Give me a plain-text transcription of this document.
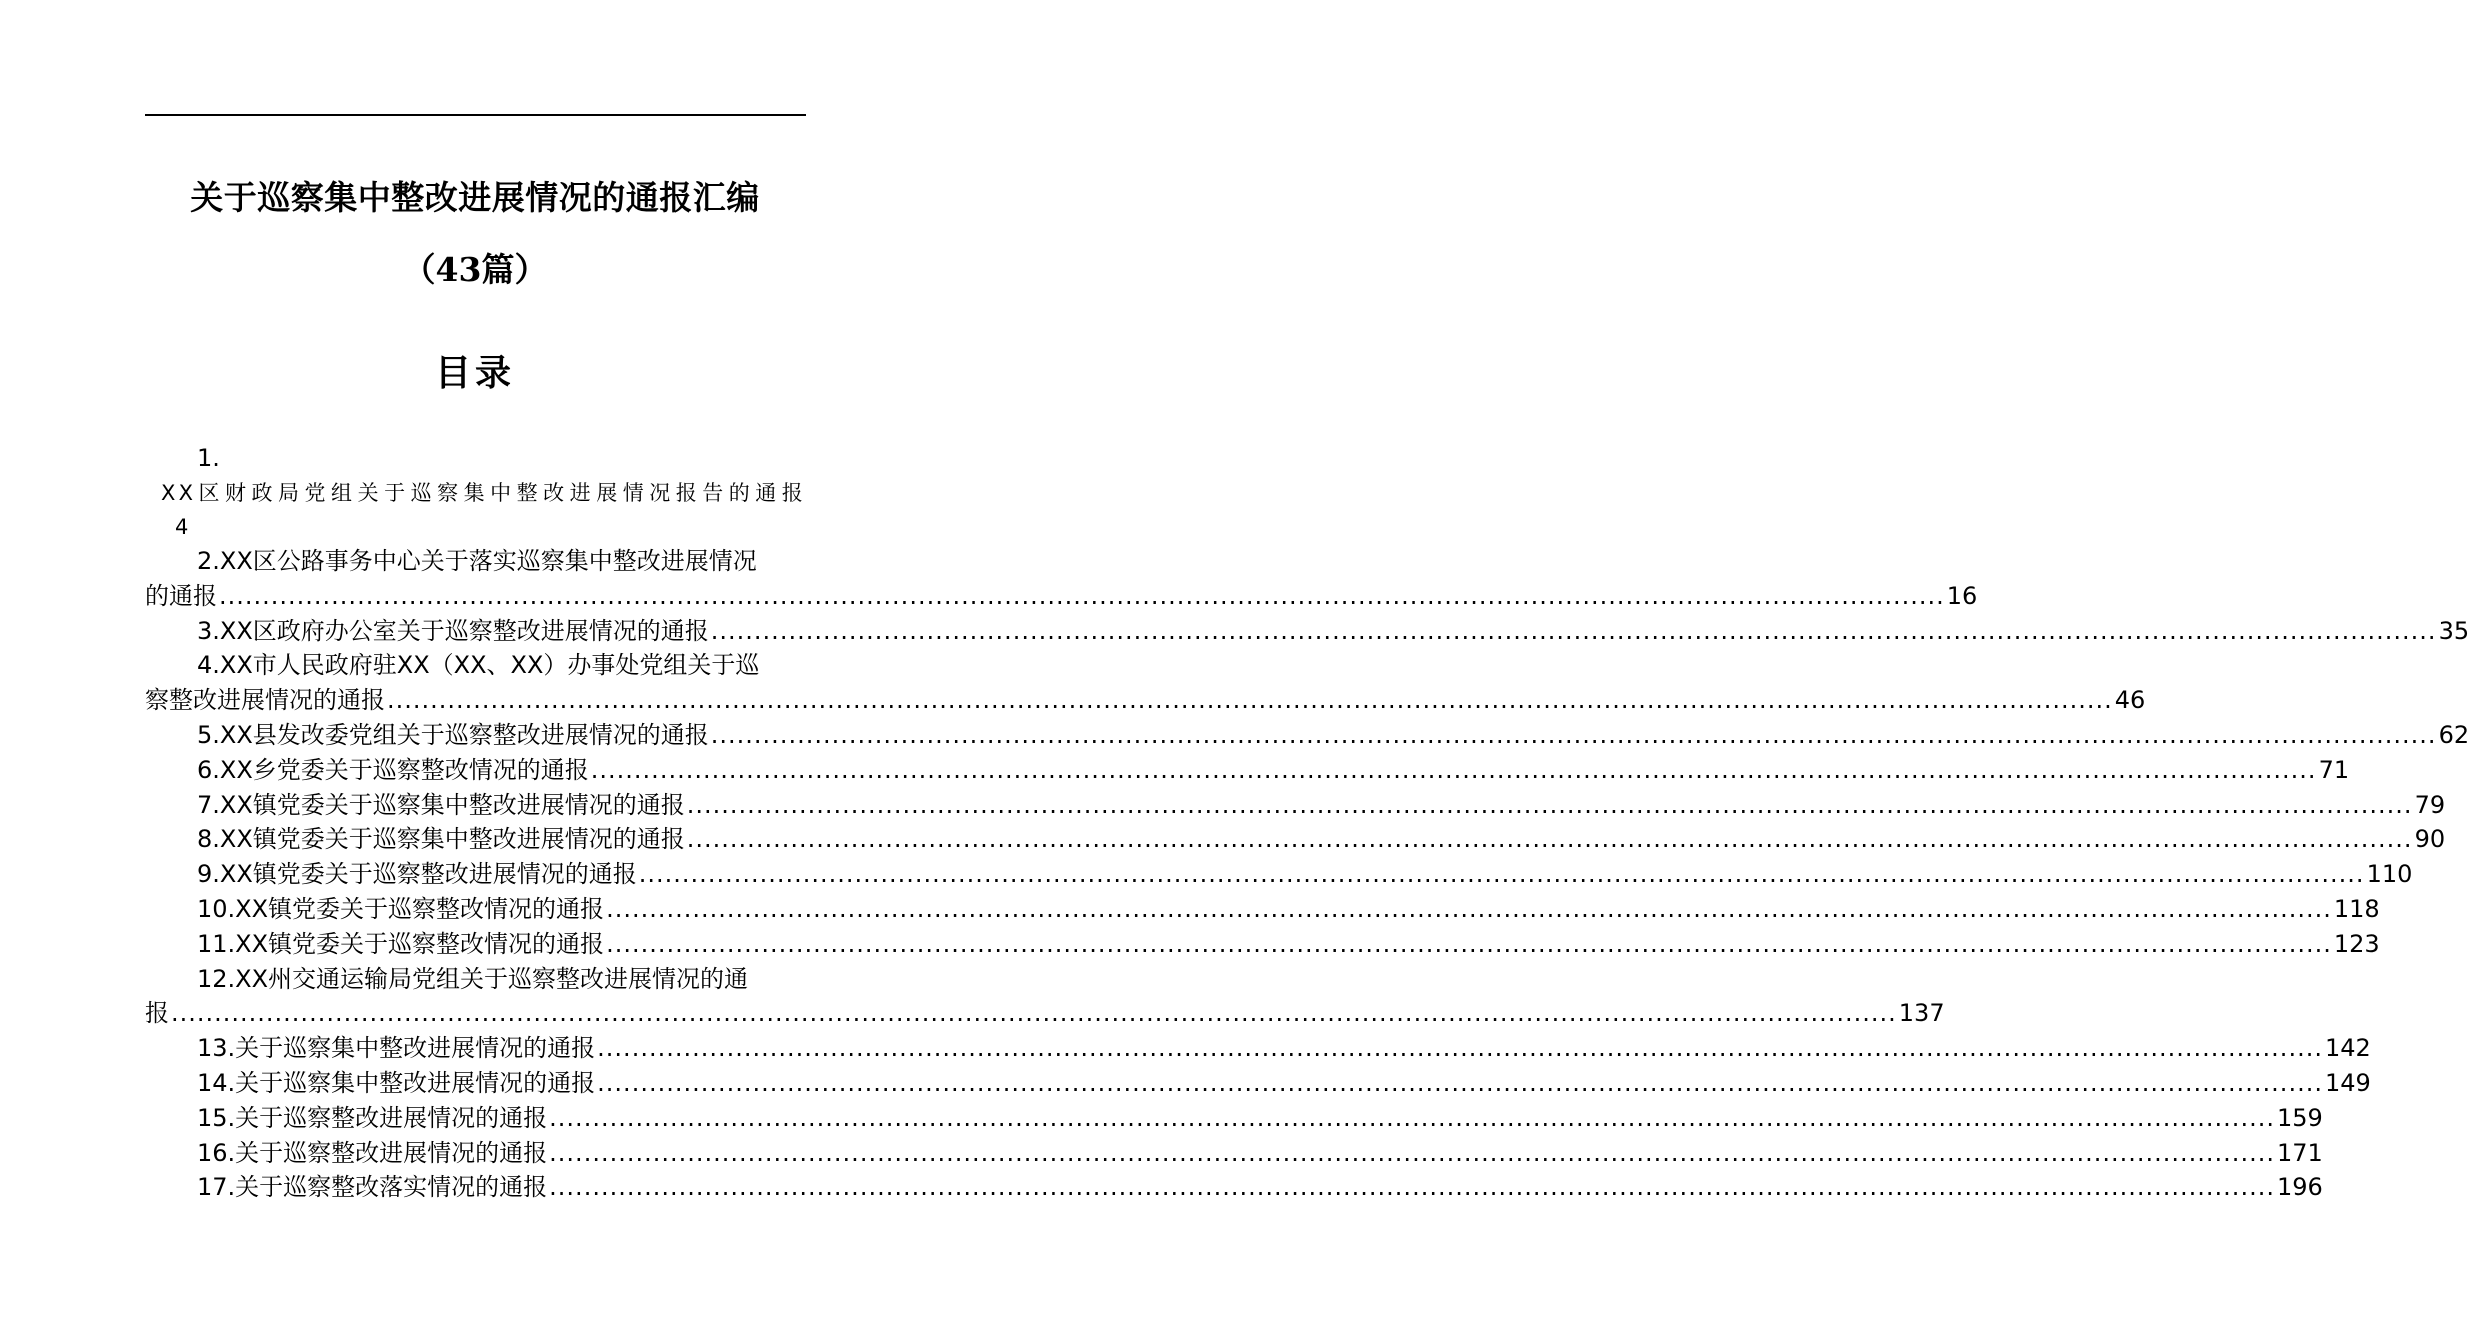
关于巡察集中整改进展情况的通报汇编
（43篇）
目录
1.
XX区财政局党组关于巡察集中整改进展情况报告的通报
4
2.XX区公路事务中心关于落实巡察集中整改进展情况
的通报 ........................................................................................................................................................................................................ 16
3.XX区政府办公室关于巡察整改进展情况的通报 ........................................................................................................................................................................................................ 35
4.XX市人民政府驻XX（XX、XX）办事处党组关于巡
察整改进展情况的通报 ........................................................................................................................................................................................................ 46
5.XX县发改委党组关于巡察整改进展情况的通报 ........................................................................................................................................................................................................ 62
6.XX乡党委关于巡察整改情况的通报 ........................................................................................................................................................................................................ 71
7.XX镇党委关于巡察集中整改进展情况的通报 ........................................................................................................................................................................................................ 79
8.XX镇党委关于巡察集中整改进展情况的通报 ........................................................................................................................................................................................................ 90
9.XX镇党委关于巡察整改进展情况的通报 ........................................................................................................................................................................................................ 110
10.XX镇党委关于巡察整改情况的通报 ........................................................................................................................................................................................................ 118
11.XX镇党委关于巡察整改情况的通报 ........................................................................................................................................................................................................ 123
12.XX州交通运输局党组关于巡察整改进展情况的通
报 ........................................................................................................................................................................................................ 137
13.关于巡察集中整改进展情况的通报 ........................................................................................................................................................................................................ 142
14.关于巡察集中整改进展情况的通报 ........................................................................................................................................................................................................ 149
15.关于巡察整改进展情况的通报 ........................................................................................................................................................................................................ 159
16.关于巡察整改进展情况的通报 ........................................................................................................................................................................................................ 171
17.关于巡察整改落实情况的通报 ........................................................................................................................................................................................................ 196
